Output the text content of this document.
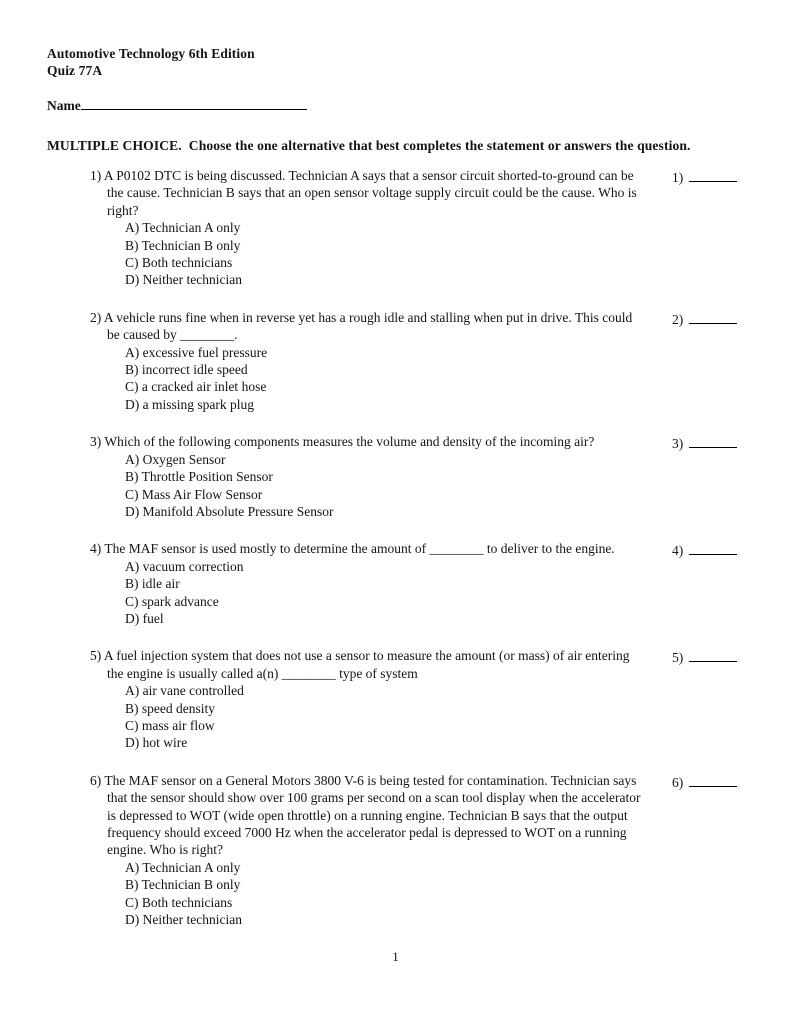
Automotive Technology 6th Edition
Quiz 77A
Name
MULTIPLE CHOICE.  Choose the one alternative that best completes the statement or answers the question.
1) A P0102 DTC is being discussed. Technician A says that a sensor circuit shorted-to-ground can be the cause. Technician B says that an open sensor voltage supply circuit could be the cause. Who is right?
A) Technician A only
B) Technician B only
C) Both technicians
D) Neither technician
1)
2) A vehicle runs fine when in reverse yet has a rough idle and stalling when put in drive. This could be caused by ________.
A) excessive fuel pressure
B) incorrect idle speed
C) a cracked air inlet hose
D) a missing spark plug
2)
3) Which of the following components measures the volume and density of the incoming air?
A) Oxygen Sensor
B) Throttle Position Sensor
C) Mass Air Flow Sensor
D) Manifold Absolute Pressure Sensor
3)
4) The MAF sensor is used mostly to determine the amount of ________ to deliver to the engine.
A) vacuum correction
B) idle air
C) spark advance
D) fuel
4)
5) A fuel injection system that does not use a sensor to measure the amount (or mass) of air entering the engine is usually called a(n) ________ type of system
A) air vane controlled
B) speed density
C) mass air flow
D) hot wire
5)
6) The MAF sensor on a General Motors 3800 V-6 is being tested for contamination. Technician says that the sensor should show over 100 grams per second on a scan tool display when the accelerator is depressed to WOT (wide open throttle) on a running engine. Technician B says that the output frequency should exceed 7000 Hz when the accelerator pedal is depressed to WOT on a running engine. Who is right?
A) Technician A only
B) Technician B only
C) Both technicians
D) Neither technician
6)
1
